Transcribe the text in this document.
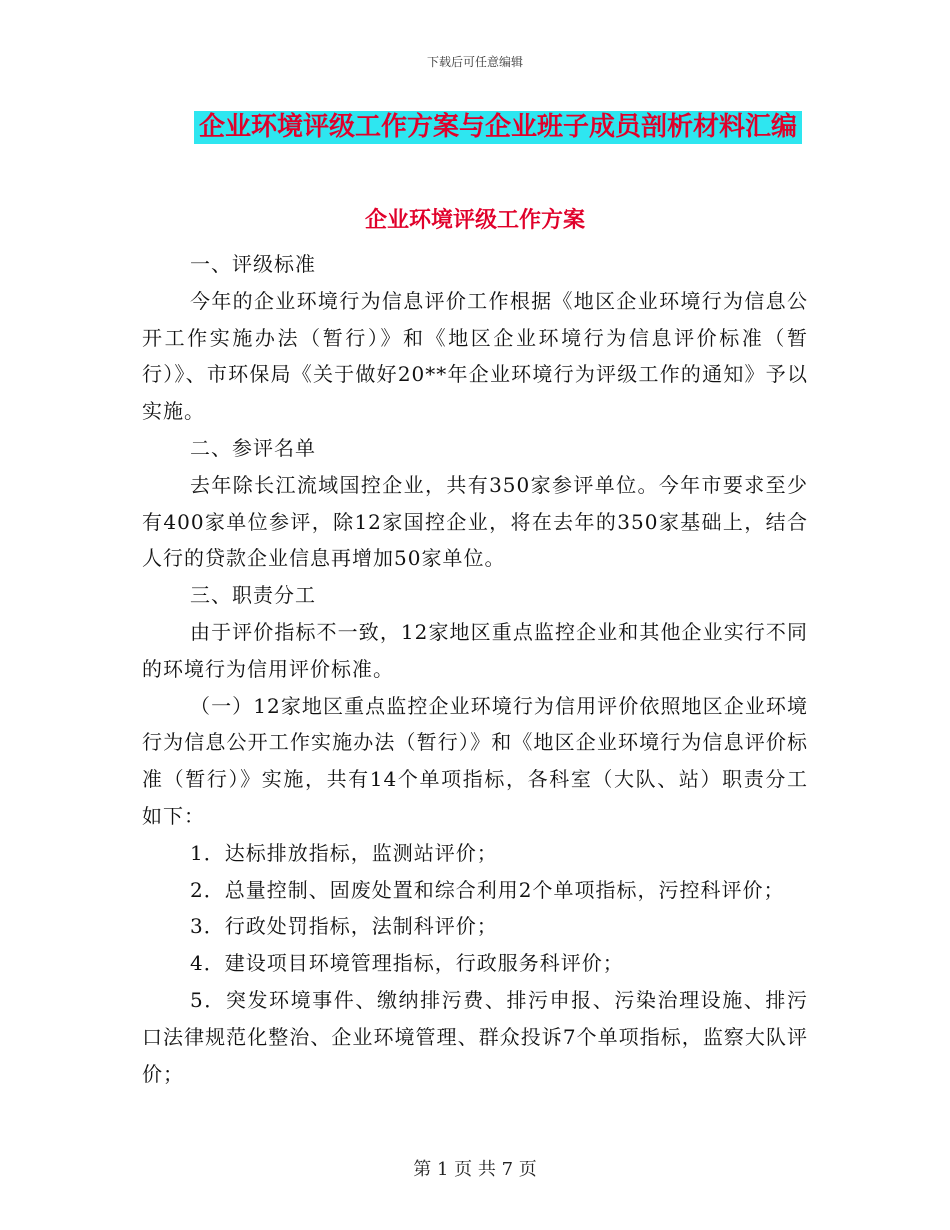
下载后可任意编辑
企业环境评级工作方案与企业班子成员剖析材料汇编
企业环境评级工作方案

一、评级标准

今年的企业环境行为信息评价工作根据《地区企业环境行为信息公开工作实施办法（暂行）》和《地区企业环境行为信息评价标准（暂行）》、市环保局《关于做好20**年企业环境行为评级工作的通知》予以实施。

二、参评名单

去年除长江流域国控企业，共有350家参评单位。今年市要求至少有400家单位参评，除12家国控企业，将在去年的350家基础上，结合人行的贷款企业信息再增加50家单位。

三、职责分工

由于评价指标不一致，12家地区重点监控企业和其他企业实行不同的环境行为信用评价标准。

（一）12家地区重点监控企业环境行为信用评价依照地区企业环境行为信息公开工作实施办法（暂行）》和《地区企业环境行为信息评价标准（暂行）》实施，共有14个单项指标，各科室（大队、站）职责分工如下：

1．达标排放指标，监测站评价；

2．总量控制、固废处置和综合利用2个单项指标，污控科评价；

3．行政处罚指标，法制科评价；

4．建设项目环境管理指标，行政服务科评价；

5．突发环境事件、缴纳排污费、排污申报、污染治理设施、排污口法律规范化整治、企业环境管理、群众投诉7个单项指标，监察大队评价；

第 1 页 共 7 页
